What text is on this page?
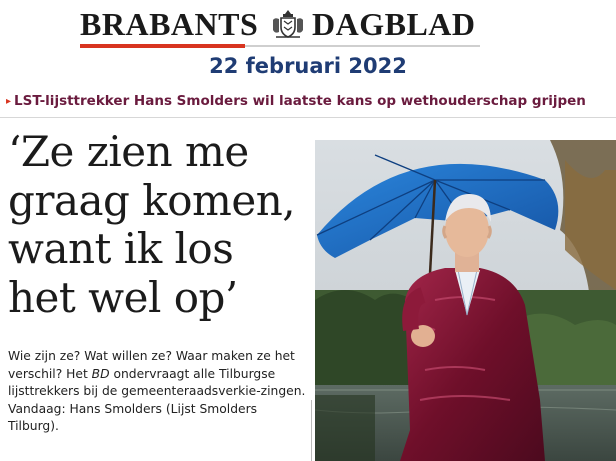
BRABANTS DAGBLAD
22 februari 2022
▸ LST-lijsttrekker Hans Smolders wil laatste kans op wethouderschap grijpen
‘Ze zien me
graag komen,
want ik los
het wel op’

Wie zijn ze? Wat willen ze? Waar maken ze het verschil? Het BD ondervraagt alle Tilburgse lijsttrekkers bij de gemeenteraadsverkie-zingen. Vandaag: Hans Smolders (Lijst Smolders Tilburg).
